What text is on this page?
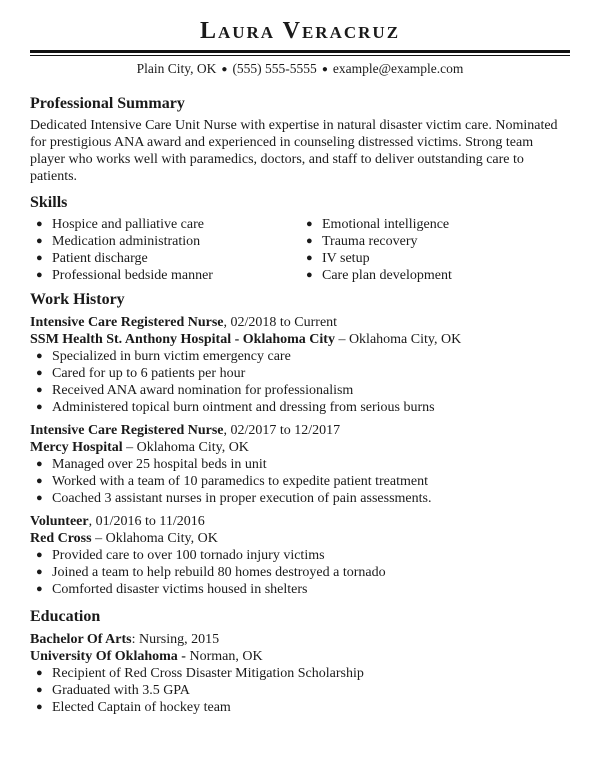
Laura Veracruz
Plain City, OK ● (555) 555-5555 ● example@example.com
Professional Summary
Dedicated Intensive Care Unit Nurse with expertise in natural disaster victim care. Nominated for prestigious ANA award and experienced in counseling distressed victims. Strong team player who works well with paramedics, doctors, and staff to deliver outstanding care to patients.
Skills
● Hospice and palliative care
● Medication administration
● Patient discharge
● Professional bedside manner
● Emotional intelligence
● Trauma recovery
● IV setup
● Care plan development
Work History
Intensive Care Registered Nurse, 02/2018 to Current
SSM Health St. Anthony Hospital - Oklahoma City – Oklahoma City, OK
● Specialized in burn victim emergency care
● Cared for up to 6 patients per hour
● Received ANA award nomination for professionalism
● Administered topical burn ointment and dressing from serious burns
Intensive Care Registered Nurse, 02/2017 to 12/2017
Mercy Hospital – Oklahoma City, OK
● Managed over 25 hospital beds in unit
● Worked with a team of 10 paramedics to expedite patient treatment
● Coached 3 assistant nurses in proper execution of pain assessments.
Volunteer, 01/2016 to 11/2016
Red Cross – Oklahoma City, OK
● Provided care to over 100 tornado injury victims
● Joined a team to help rebuild 80 homes destroyed a tornado
● Comforted disaster victims housed in shelters
Education
Bachelor Of Arts: Nursing, 2015
University Of Oklahoma - Norman, OK
● Recipient of Red Cross Disaster Mitigation Scholarship
● Graduated with 3.5 GPA
● Elected Captain of hockey team
